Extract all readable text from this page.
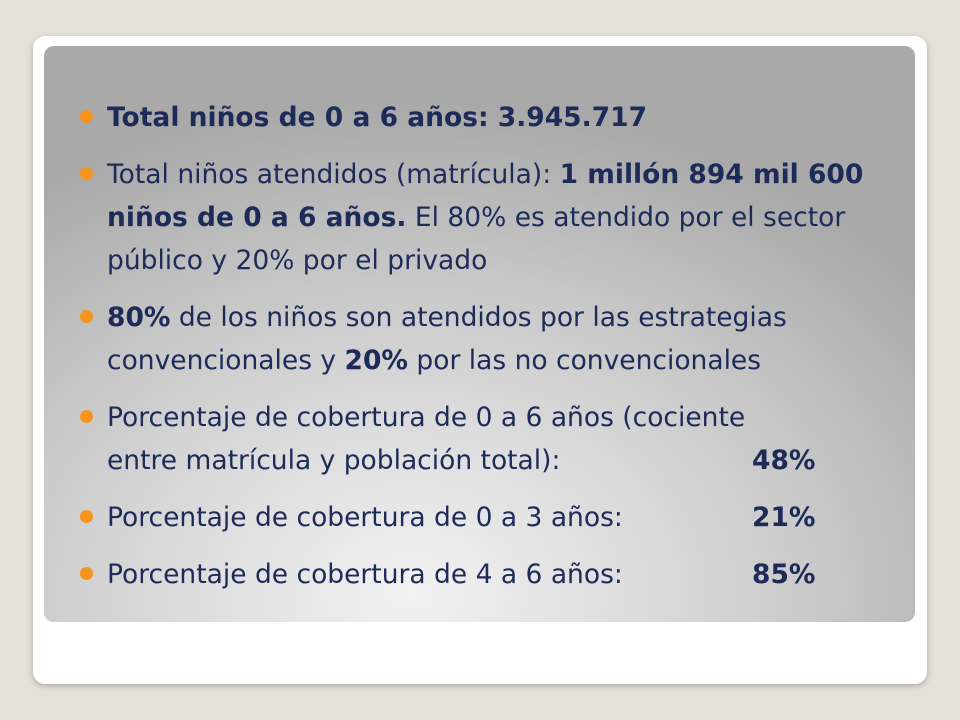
Total niños de 0 a 6 años: 3.945.717
Total niños atendidos (matrícula): 1 millón 894 mil 600 niños de 0 a 6 años. El 80% es atendido por el sector público y 20% por el privado
80% de los niños son atendidos por las estrategias convencionales y 20% por las no convencionales
Porcentaje de cobertura de 0 a 6 años (cociente
entre matrícula y población total):	48%
Porcentaje de cobertura de 0 a 3 años:	21%
Porcentaje de cobertura de 4 a 6 años:	85%
